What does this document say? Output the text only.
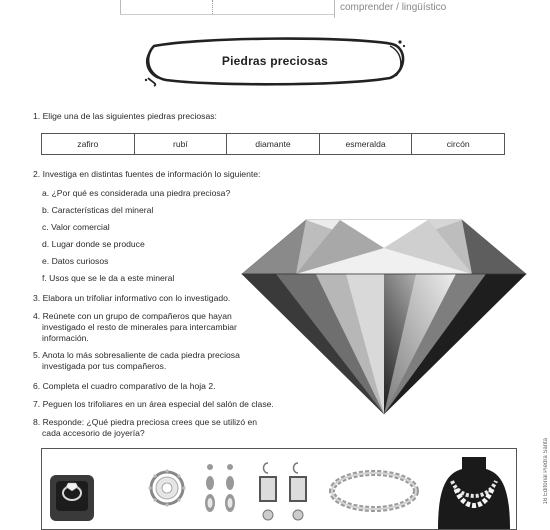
comprender / lingüístico
Piedras preciosas
1. Elige una de las siguientes piedras preciosas:
zafiro	rubí	diamante	esmeralda	circón
2. Investiga en distintas fuentes de información lo siguiente:
a. ¿Por qué es considerada una piedra preciosa?
b. Características del mineral
c. Valor comercial
d. Lugar donde se produce
e. Datos curiosos
f. Usos que se le da a este mineral
3. Elabora un trifoliar informativo con lo investigado.
4. Reúnete con un grupo de compañeros que hayan
investigado el resto de minerales para intercambiar
información.
5. Anota lo más sobresaliente de cada piedra preciosa
investigada por tus compañeros.
6. Completa el cuadro comparativo de la hoja 2.
7. Peguen los trifoliares en un área especial del salón de clase.
8. Responde: ¿Qué piedra preciosa crees que se utilizó en
cada accesorio de joyería?
16 Editorial Piedra Santa
